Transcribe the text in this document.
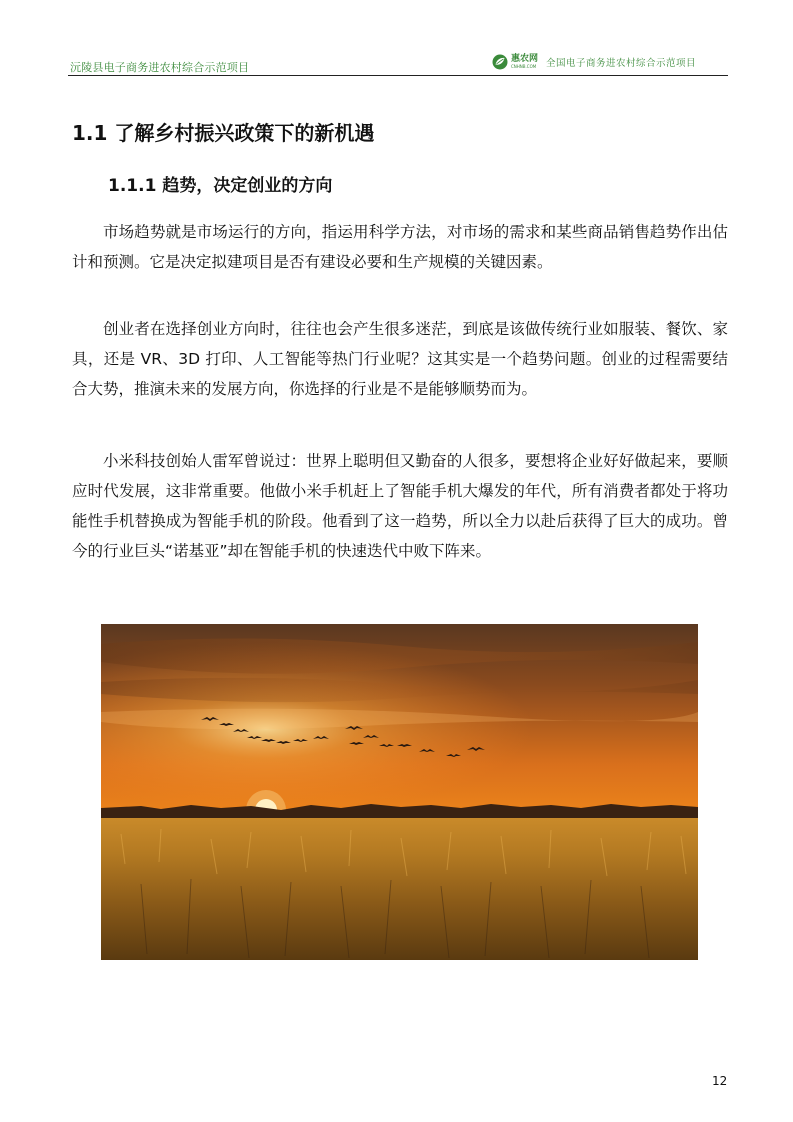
沅陵县电子商务进农村综合示范项目
惠农网
CNHNB.COM 全国电子商务进农村综合示范项目
1.1 了解乡村振兴政策下的新机遇
1.1.1 趋势，决定创业的方向

市场趋势就是市场运行的方向，指运用科学方法，对市场的需求和某些商品销售趋势作出估计和预测。它是决定拟建项目是否有建设必要和生产规模的关键因素。

创业者在选择创业方向时，往往也会产生很多迷茫，到底是该做传统行业如服装、餐饮、家具，还是 VR、3D 打印、人工智能等热门行业呢？这其实是一个趋势问题。创业的过程需要结合大势，推演未来的发展方向，你选择的行业是不是能够顺势而为。

小米科技创始人雷军曾说过：世界上聪明但又勤奋的人很多，要想将企业好好做起来，要顺应时代发展，这非常重要。他做小米手机赶上了智能手机大爆发的年代，所有消费者都处于将功能性手机替换成为智能手机的阶段。他看到了这一趋势，所以全力以赴后获得了巨大的成功。曾今的行业巨头“诺基亚”却在智能手机的快速迭代中败下阵来。

12
